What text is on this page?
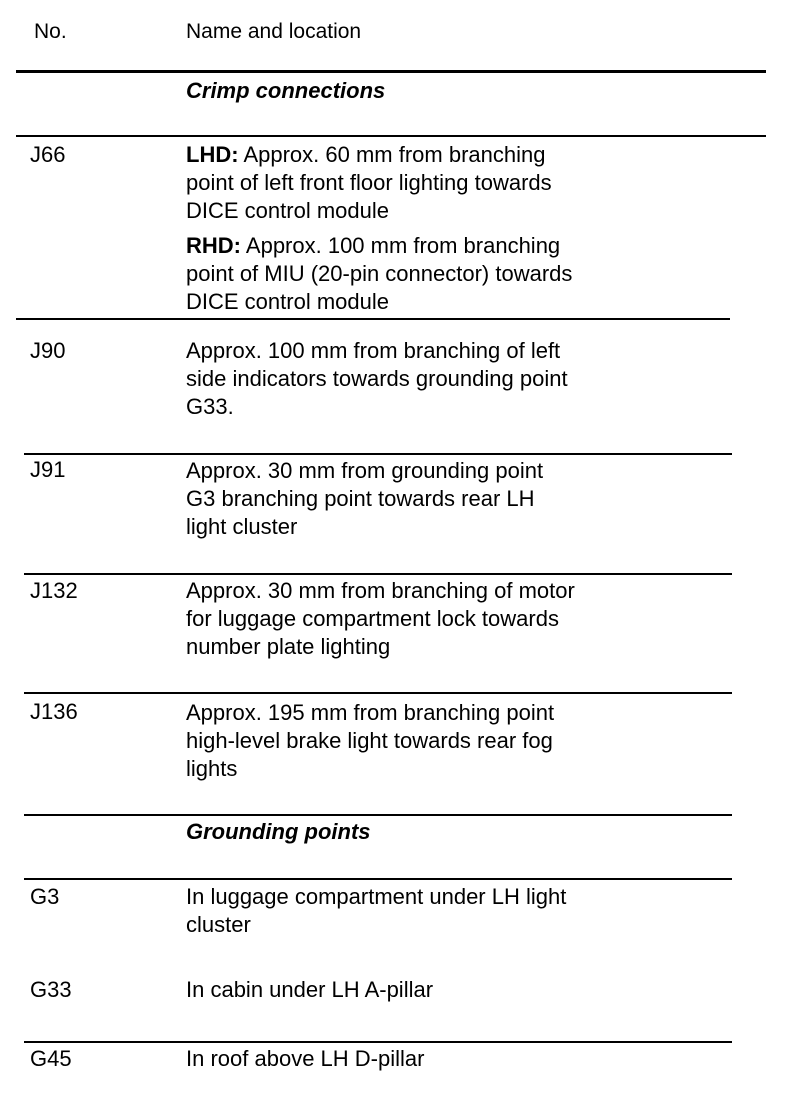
No.	Name and location
Crimp connections
J66	LHD: Approx. 60 mm from branching
point of left front floor lighting towards
DICE control module
RHD: Approx. 100 mm from branching
point of MIU (20-pin connector) towards
DICE control module
J90	Approx. 100 mm from branching of left
side indicators towards grounding point
G33.
J91	Approx. 30 mm from grounding point
G3 branching point towards rear LH
light cluster
J132	Approx. 30 mm from branching of motor
for luggage compartment lock towards
number plate lighting
J136	Approx. 195 mm from branching point
high-level brake light towards rear fog
lights
Grounding points
G3	In luggage compartment under LH light
cluster
G33	In cabin under LH A-pillar
G45	In roof above LH D-pillar
